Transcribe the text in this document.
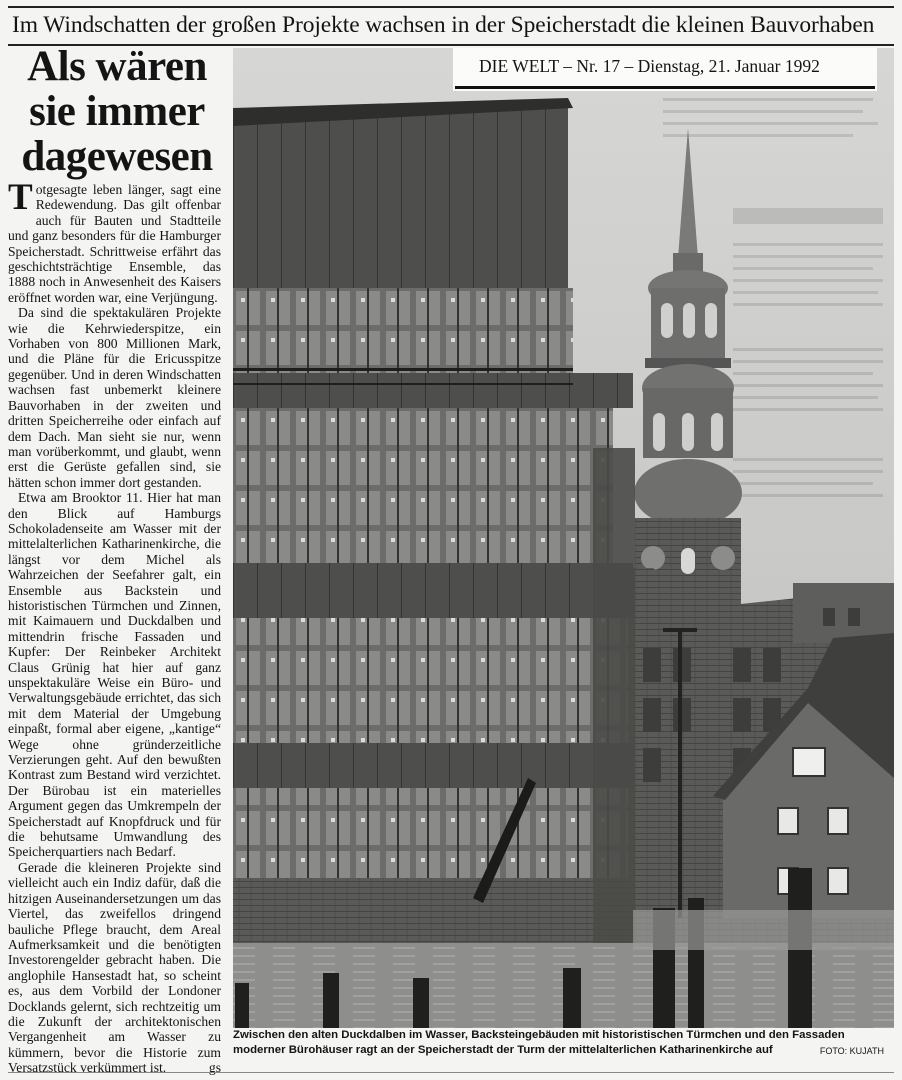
Im Windschatten der großen Projekte wachsen in der Speicherstadt die kleinen Bauvorhaben
Als wären sie immer dagewesen

Totgesagte leben länger, sagt eine Redewendung. Das gilt offenbar auch für Bauten und Stadtteile und ganz besonders für die Hamburger Speicherstadt. Schrittweise erfährt das geschichtsträchtige Ensemble, das 1888 noch in Anwesenheit des Kaisers eröffnet worden war, eine Verjüngung.

Da sind die spektakulären Projekte wie die Kehrwiederspitze, ein Vorhaben von 800 Millionen Mark, und die Pläne für die Ericusspitze gegenüber. Und in deren Windschatten wachsen fast unbemerkt kleinere Bauvorhaben in der zweiten und dritten Speicherreihe oder einfach auf dem Dach. Man sieht sie nur, wenn man vorüberkommt, und glaubt, wenn erst die Gerüste gefallen sind, sie hätten schon immer dort gestanden.

Etwa am Brooktor 11. Hier hat man den Blick auf Hamburgs Schokoladenseite am Wasser mit der mittelalterlichen Katharinenkirche, die längst vor dem Michel als Wahrzeichen der Seefahrer galt, ein Ensemble aus Backstein und historistischen Türmchen und Zinnen, mit Kaimauern und Duckdalben und mittendrin frische Fassaden und Kupfer: Der Reinbeker Architekt Claus Grünig hat hier auf ganz unspektakuläre Weise ein Büro- und Verwaltungsgebäude errichtet, das sich mit dem Material der Umgebung einpaßt, formal aber eigene, „kantige“ Wege ohne gründerzeitliche Verzierungen geht. Auf den bewußten Kontrast zum Bestand wird verzichtet. Der Bürobau ist ein materielles Argument gegen das Umkrempeln der Speicherstadt auf Knopfdruck und für die behutsame Umwandlung des Speicherquartiers nach Bedarf.

Gerade die kleineren Projekte sind vielleicht auch ein Indiz dafür, daß die hitzigen Auseinandersetzungen um das Viertel, das zweifellos dringend bauliche Pflege braucht, dem Areal Aufmerksamkeit und die benötigten Investorengelder gebracht haben. Die anglophile Hansestadt hat, so scheint es, aus dem Vorbild der Londoner Docklands gelernt, sich rechtzeitig um die Zukunft der architektonischen Vergangenheit am Wasser zu kümmern, bevor die Historie zum Versatzstück verkümmert ist.	gs

DIE WELT – Nr. 17 – Dienstag, 21. Januar 1992
Zwischen den alten Duckdalben im Wasser, Backsteingebäuden mit historistischen Türmchen und den Fassaden moderner Bürohäuser ragt an der Speicherstadt der Turm der mittelalterlichen Katharinenkirche auf	FOTO: KUJATH
